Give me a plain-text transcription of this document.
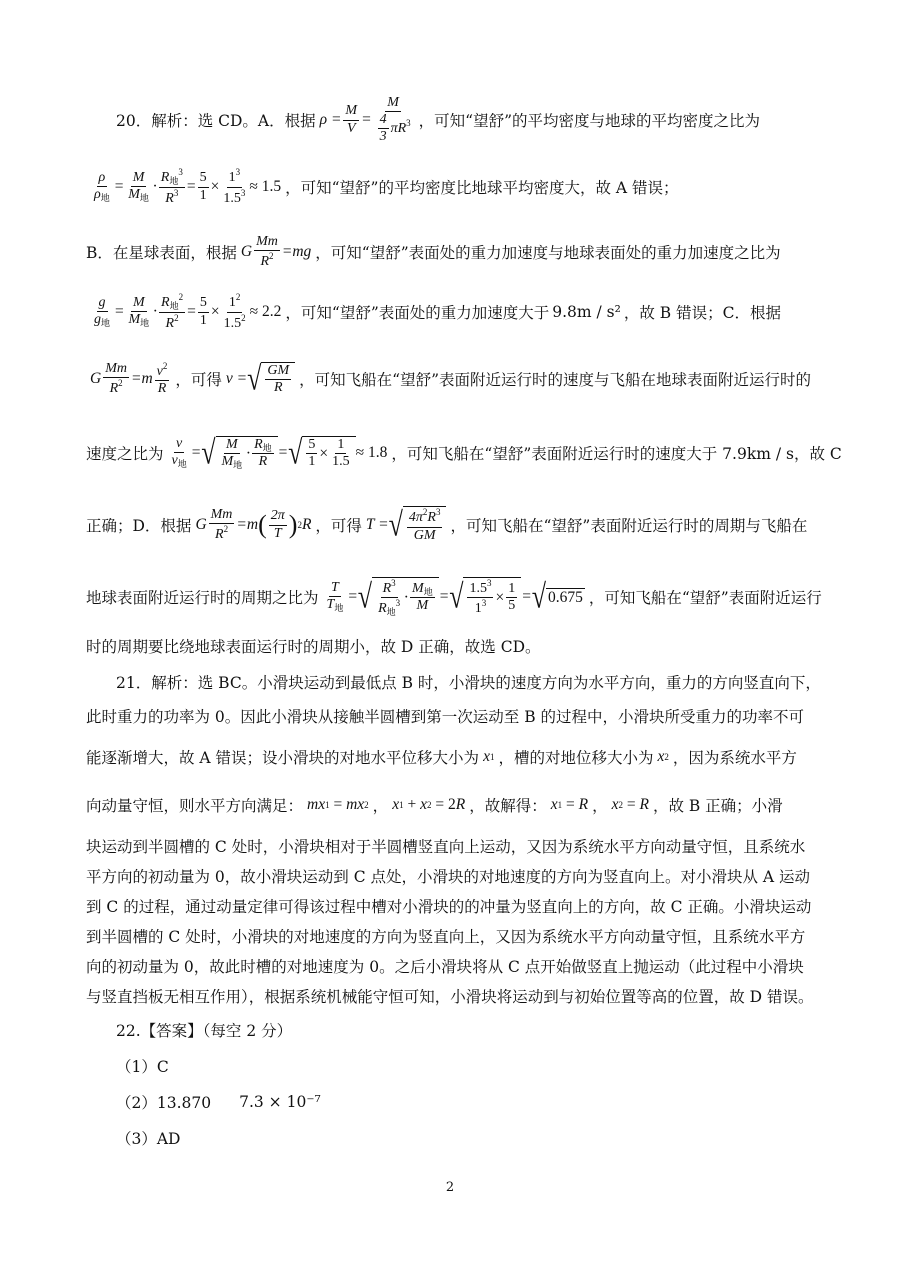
20．解析：选 CD。A．根据 $\rho = \frac{M}{V} = \frac{M}{\frac{4}{3} \pi R^3}$ ，可知“望舒”的平均密度与地球的平均密度之比为
$\frac{\rho}{\rho_地} = \frac{M}{M_地} \cdot \frac{R_地^3}{R^3} = \frac{5}{1} \times \frac{1^3}{1.5^3} \approx 1.5$ ，可知“望舒”的平均密度比地球平均密度大，故 A 错误；
B．在星球表面，根据 G $\frac{Mm}{R^2} =mg$ ，可知“望舒”表面处的重力加速度与地球表面处的重力加速度之比为
$\frac{g}{g_地} = \frac{M}{M_地} \cdot \frac{R_地^2}{R^2} = \frac{5}{1} \times \frac{1^2}{1.5^2} \approx 2.2$ ，可知“望舒”表面处的重力加速度大于 9.8m / s² ，故 B 错误；C．根据
G $\frac{Mm}{R^2} =m \frac{v^2}{R}$ ，可得 v = √ $\frac{GM}{R}$ ，可知飞船在“望舒”表面附近运行时的速度与飞船在地球表面附近运行时的
速度之比为 $\frac{v}{v_地}$ = √ $\frac{M}{M_地} \cdot \frac{R_地}{R}$ = √ $\frac{5}{1} \times \frac{1}{1.5} \approx 1.8$ ，可知飞船在“望舒”表面附近运行时的速度大于 7.9km / s，故 C
正确；D．根据 G $\frac{Mm}{R^2} =m$ ( $\frac{2\pi}{T}$ ) 2 R ，可得 T = √ $\frac{4\pi^2R^3}{GM}$ ，可知飞船在“望舒”表面附近运行时的周期与飞船在
地球表面附近运行时的周期之比为 $\frac{T}{T_地}$ = √ $\frac{R^3}{R_地^3} \cdot \frac{M_地}{M}$ = √ $\frac{1.5^3}{1^3} \times \frac{1}{5}$ = √ 0.675 ，可知飞船在“望舒”表面附近运行
时的周期要比绕地球表面运行时的周期小，故 D 正确，故选 CD。
21．解析：选 BC。小滑块运动到最低点 B 时，小滑块的速度方向为水平方向，重力的方向竖直向下，
此时重力的功率为 0。因此小滑块从接触半圆槽到第一次运动至 B 的过程中，小滑块所受重力的功率不可
能逐渐增大，故 A 错误；设小滑块的对地水平位移大小为 x 1 ，槽的对地位移大小为 x 2 ，因为系统水平方
向动量守恒，则水平方向满足： mx 1 = mx 2 ， x 1 + x 2 = 2 R ，故解得： x 1 = R ， x 2 = R ，故 B 正确；小滑
块运动到半圆槽的 C 处时，小滑块相对于半圆槽竖直向上运动，又因为系统水平方向动量守恒，且系统水
平方向的初动量为 0，故小滑块运动到 C 点处，小滑块的对地速度的方向为竖直向上。对小滑块从 A 运动
到 C 的过程，通过动量定律可得该过程中槽对小滑块的的冲量为竖直向上的方向，故 C 正确。小滑块运动
到半圆槽的 C 处时，小滑块的对地速度的方向为竖直向上，又因为系统水平方向动量守恒，且系统水平方
向的初动量为 0，故此时槽的对地速度为 0。之后小滑块将从 C 点开始做竖直上抛运动（此过程中小滑块
与竖直挡板无相互作用），根据系统机械能守恒可知，小滑块将运动到与初始位置等高的位置，故 D 错误。
22.【答案】（每空 2 分）
（1）C
（2）13.870 7.3 × 10⁻⁷
（3）AD
2
